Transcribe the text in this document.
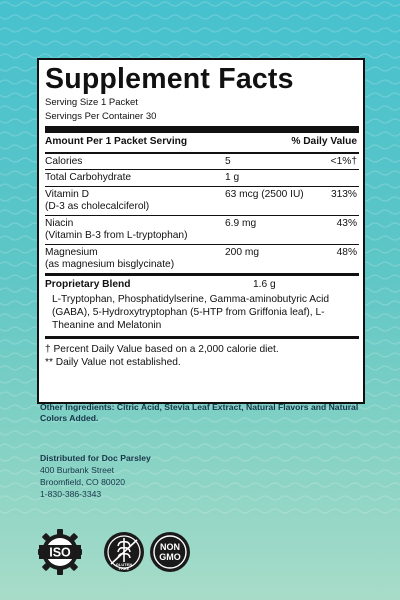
Supplement Facts
Serving Size 1 Packet
Servings Per Container 30
Amount Per 1 Packet Serving	% Daily Value
Calories	5	<1%†
Total Carbohydrate	1 g
Vitamin D	63 mcg (2500 IU)	313%
(D-3 as cholecalciferol)
Niacin	6.9 mg	43%
(Vitamin B-3 from L-tryptophan)
Magnesium	200 mg	48%
(as magnesium bisglycinate)
Proprietary Blend	1.6 g
L-Tryptophan, Phosphatidylserine, Gamma-aminobutyric Acid (GABA), 5-Hydroxytryptophan (5-HTP from Griffonia leaf), L-Theanine and Melatonin
† Percent Daily Value based on a 2,000 calorie diet.
** Daily Value not established.
Other Ingredients: Citric Acid, Stevia Leaf Extract, Natural Flavors and Natural Colors Added.
Distributed for Doc Parsley
400 Burbank Street
Broomfield, CO 80020
1-830-386-3343
ISO
GLUTEN
FREE
NON
GMO
